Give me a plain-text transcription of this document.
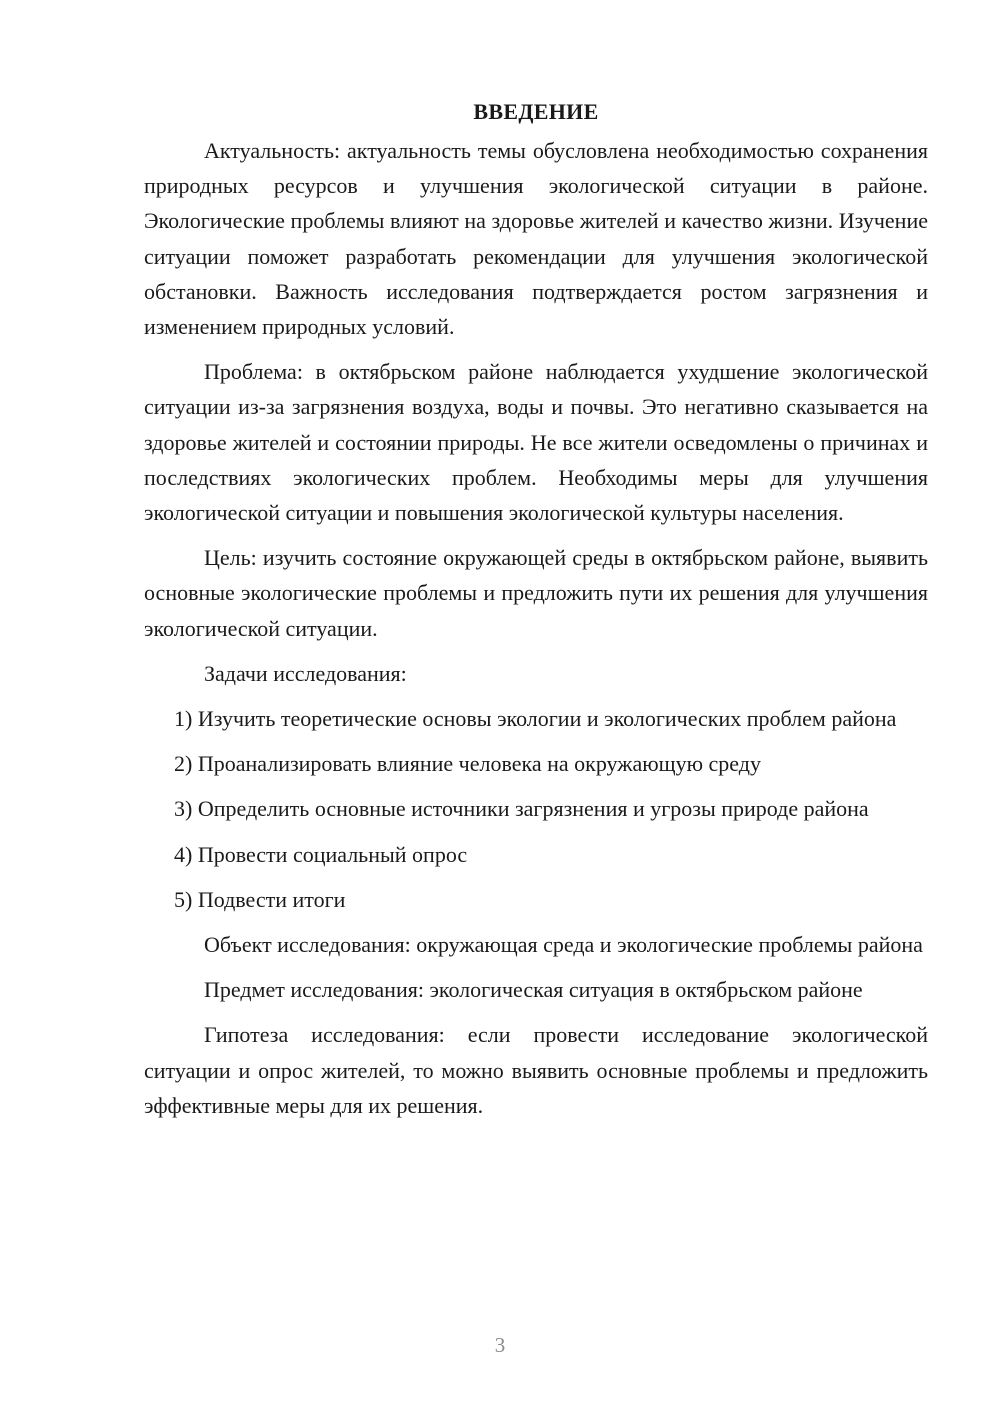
ВВЕДЕНИЕ

Актуальность: актуальность темы обусловлена необходимостью сохранения природных ресурсов и улучшения экологической ситуации в районе. Экологические проблемы влияют на здоровье жителей и качество жизни. Изучение ситуации поможет разработать рекомендации для улучшения экологической обстановки. Важность исследования подтверждается ростом загрязнения и изменением природных условий.

Проблема: в октябрьском районе наблюдается ухудшение экологической ситуации из-за загрязнения воздуха, воды и почвы. Это негативно сказывается на здоровье жителей и состоянии природы. Не все жители осведомлены о причинах и последствиях экологических проблем. Необходимы меры для улучшения экологической ситуации и повышения экологической культуры населения.

Цель: изучить состояние окружающей среды в октябрьском районе, выявить основные экологические проблемы и предложить пути их решения для улучшения экологической ситуации.

Задачи исследования:

1) Изучить теоретические основы экологии и экологических проблем района

2) Проанализировать влияние человека на окружающую среду

3) Определить основные источники загрязнения и угрозы природе района

4) Провести социальный опрос

5) Подвести итоги

Объект исследования: окружающая среда и экологические проблемы района

Предмет исследования: экологическая ситуация в октябрьском районе

Гипотеза исследования: если провести исследование экологической ситуации и опрос жителей, то можно выявить основные проблемы и предложить эффективные меры для их решения.

3
